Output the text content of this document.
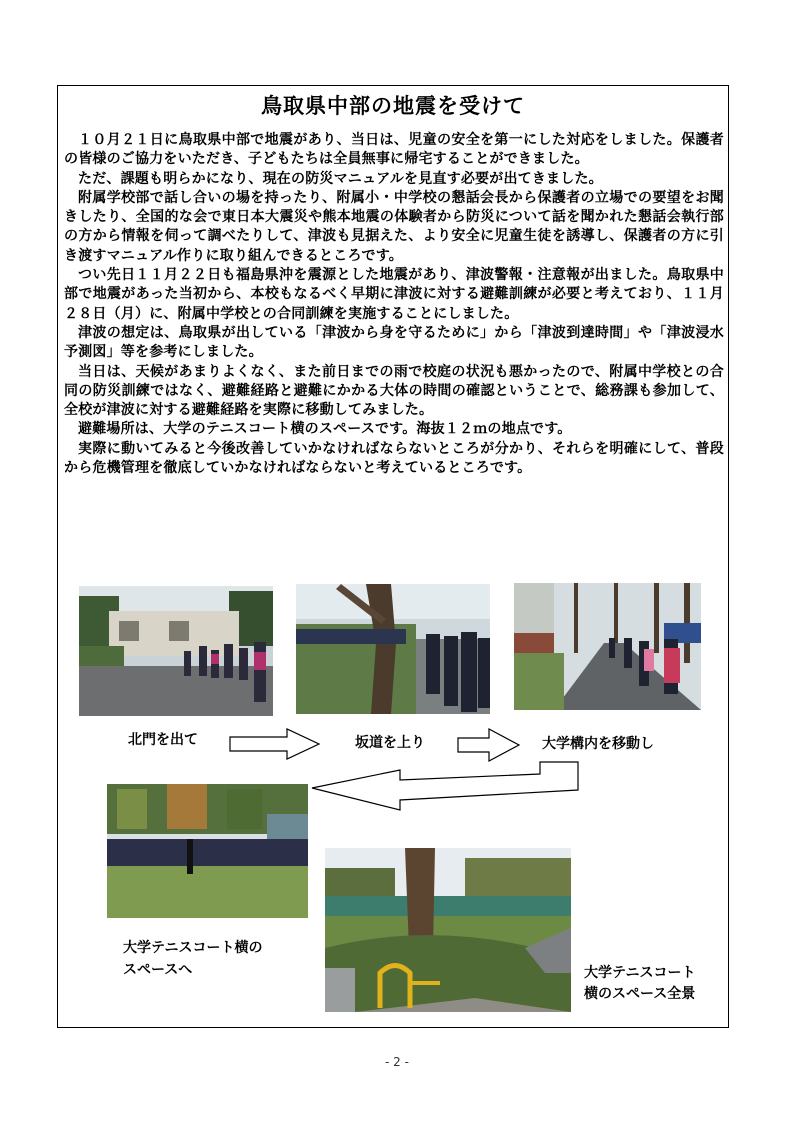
鳥取県中部の地震を受けて

１０月２１日に鳥取県中部で地震があり、当日は、児童の安全を第一にした対応をしました。保護者の皆様のご協力をいただき、子どもたちは全員無事に帰宅することができました。

ただ、課題も明らかになり、現在の防災マニュアルを見直す必要が出てきました。

附属学校部で話し合いの場を持ったり、附属小・中学校の懇話会長から保護者の立場での要望をお聞きしたり、全国的な会で東日本大震災や熊本地震の体験者から防災について話を聞かれた懇話会執行部の方から情報を伺って調べたりして、津波も見据えた、より安全に児童生徒を誘導し、保護者の方に引き渡すマニュアル作りに取り組んできるところです。

つい先日１１月２２日も福島県沖を震源とした地震があり、津波警報・注意報が出ました。鳥取県中部で地震があった当初から、本校もなるべく早期に津波に対する避難訓練が必要と考えており、１１月２８日（月）に、附属中学校との合同訓練を実施することにしました。

津波の想定は、鳥取県が出している「津波から身を守るために」から「津波到達時間」や「津波浸水予測図」等を参考にしました。

当日は、天候があまりよくなく、また前日までの雨で校庭の状況も悪かったので、附属中学校との合同の防災訓練ではなく、避難経路と避難にかかる大体の時間の確認ということで、総務課も参加して、全校が津波に対する避難経路を実際に移動してみました。

避難場所は、大学のテニスコート横のスペースです。海抜１２ｍの地点です。

実際に動いてみると今後改善していかなければならないところが分かり、それらを明確にして、普段から危機管理を徹底していかなければならないと考えているところです。

北門を出て	坂道を上り	大学構内を移動し
大学テニスコート横の
スペースへ	大学テニスコート
横のスペース全景
- 2 -
